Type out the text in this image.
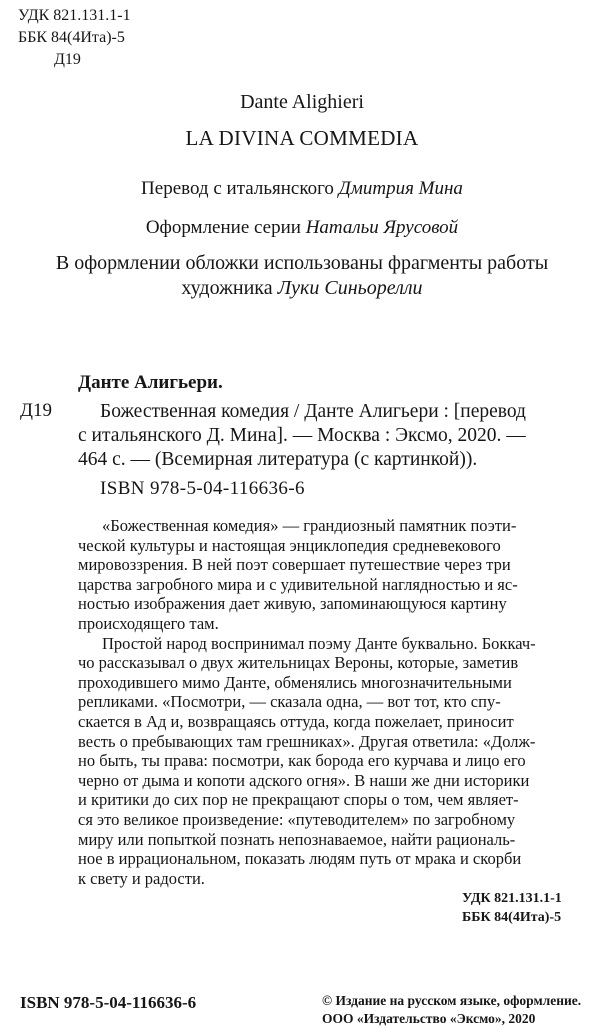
УДК 821.131.1-1
ББК 84(4Ита)-5
Д19
Dante Alighieri
LA DIVINA COMMEDIA
Перевод с итальянского Дмитрия Мина
Оформление серии Натальи Ярусовой
В оформлении обложки использованы фрагменты работы
художника Луки Синьорелли
Данте Алигьери.
Д19	Божественная комедия / Данте Алигьери : [перевод
с итальянского Д. Мина]. — Москва : Эксмо, 2020. —
464 с. — (Всемирная литература (с картинкой)).
ISBN 978-5-04-116636-6
«Божественная комедия» — грандиозный памятник поэти-
ческой культуры и настоящая энциклопедия средневекового
мировоззрения. В ней поэт совершает путешествие через три
царства загробного мира и с удивительной наглядностью и яс-
ностью изображения дает живую, запоминающуюся картину
происходящего там.
Простой народ воспринимал поэму Данте буквально. Боккач-
чо рассказывал о двух жительницах Вероны, которые, заметив
проходившего мимо Данте, обменялись многозначительными
репликами. «Посмотри, — сказала одна, — вот тот, кто спу-
скается в Ад и, возвращаясь оттуда, когда пожелает, приносит
весть о пребывающих там грешниках». Другая ответила: «Долж-
но быть, ты права: посмотри, как борода его курчава и лицо его
черно от дыма и копоти адского огня». В наши же дни историки
и критики до сих пор не прекращают споры о том, чем являет-
ся это великое произведение: «путеводителем» по загробному
миру или попыткой познать непознаваемое, найти рациональ-
ное в иррациональном, показать людям путь от мрака и скорби
к свету и радости.
УДК 821.131.1-1
ББК 84(4Ита)-5
ISBN 978-5-04-116636-6	© Издание на русском языке, оформление.
ООО «Издательство «Эксмо», 2020
